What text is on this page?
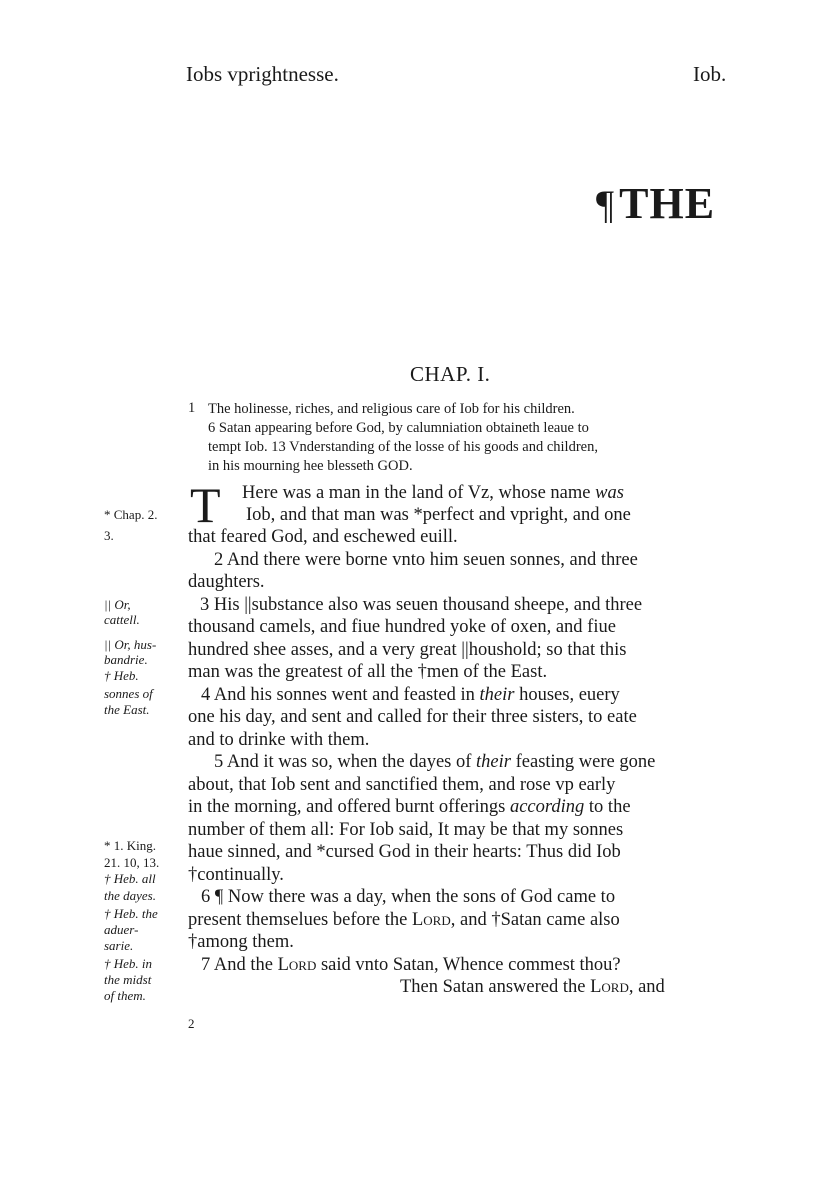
Iobs vprightnesse.	Iob.
¶THE
CHAP. I.
1 The holinesse, riches, and religious care of Iob for his children.
6 Satan appearing before God, by calumniation obtaineth leaue to
tempt Iob. 13 Vnderstanding of the losse of his goods and children,
in his mourning hee blesseth GOD.
T Here was a man in the land of Vz, whose name was
Iob, and that man was *perfect and vpright, and one
that feared God, and eschewed euill.
2 And there were borne vnto him seuen sonnes, and three
daughters.
3 His ||substance also was seuen thousand sheepe, and three
thousand camels, and fiue hundred yoke of oxen, and fiue
hundred shee asses, and a very great ||houshold; so that this
man was the greatest of all the †men of the East.
4 And his sonnes went and feasted in their houses, euery
one his day, and sent and called for their three sisters, to eate
and to drinke with them.
5 And it was so, when the dayes of their feasting were gone
about, that Iob sent and sanctified them, and rose vp early
in the morning, and offered burnt offerings according to the
number of them all: For Iob said, It may be that my sonnes
haue sinned, and *cursed God in their hearts: Thus did Iob
†continually.
6 ¶ Now there was a day, when the sons of God came to
present themselues before the Lord, and †Satan came also
†among them.
7 And the Lord said vnto Satan, Whence commest thou?
Then Satan answered the Lord, and
* Chap. 2.
3.
|| Or,
cattell.
|| Or, hus-
bandrie.
† Heb.
sonnes of
the East.
* 1. King.
21. 10, 13.
† Heb. all
the dayes.
† Heb. the
aduer-
sarie.
† Heb. in
the midst
of them.
2
